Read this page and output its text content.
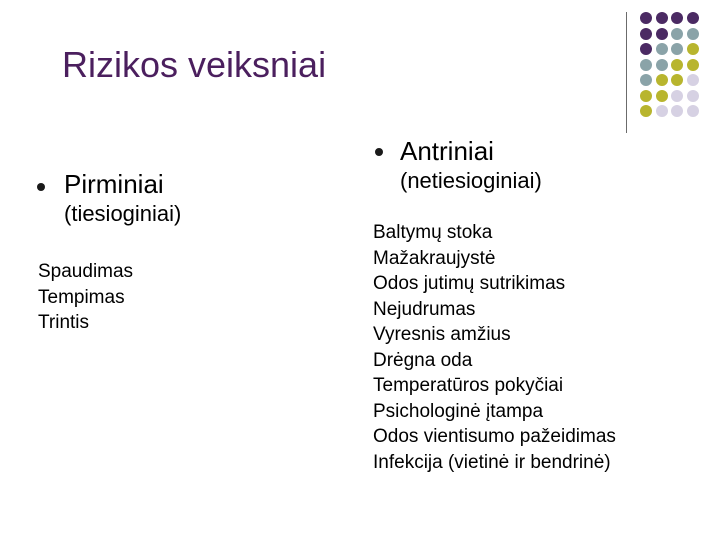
Rizikos veiksniai
Antriniai
(netiesioginiai)
Baltymų stoka
Mažakraujystė
Odos jutimų sutrikimas
Nejudrumas
Vyresnis amžius
Drėgna oda
Temperatūros pokyčiai
Psichologinė įtampa
Odos vientisumo pažeidimas
Infekcija (vietinė ir bendrinė)
Pirminiai
(tiesioginiai)
Spaudimas
Tempimas
Trintis
